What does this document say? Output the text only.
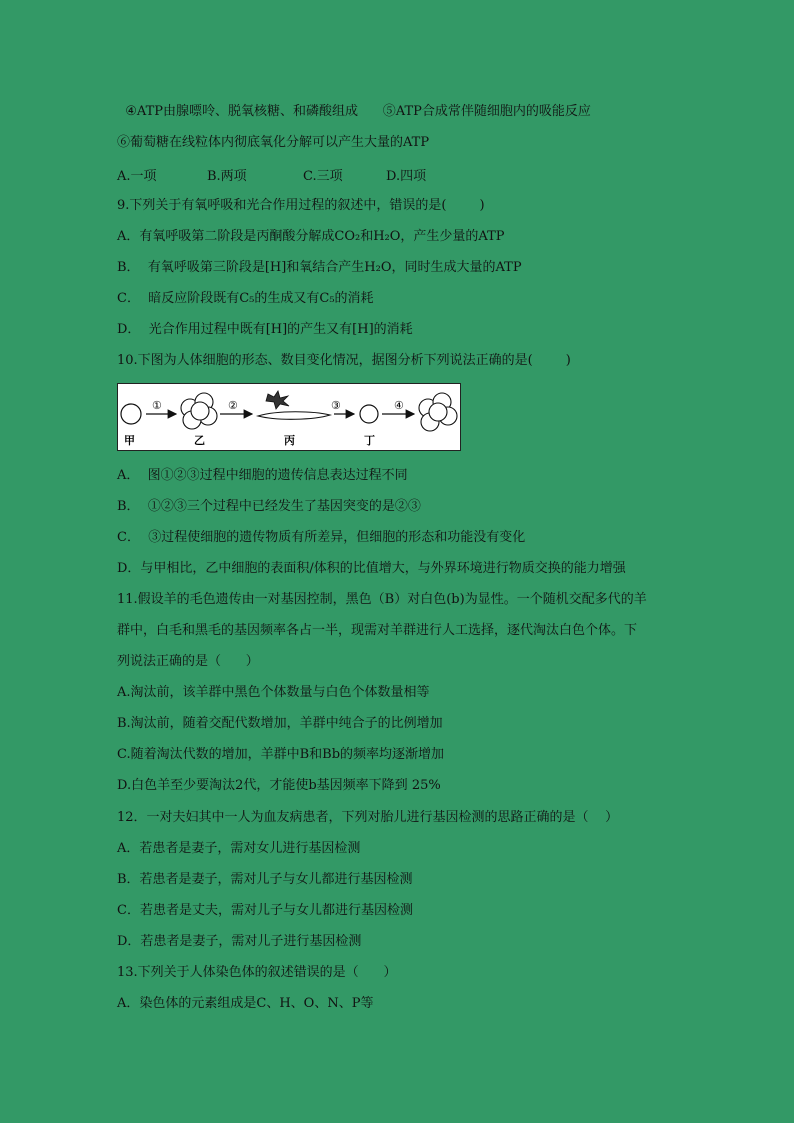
④ATP由腺嘌呤、脱氧核糖、和磷酸组成      ⑤ATP合成常伴随细胞内的吸能反应
⑥葡萄糖在线粒体内彻底氧化分解可以产生大量的ATP
9.下列关于有氧呼吸和光合作用过程的叙述中，错误的是(        )
A．有氧呼吸第二阶段是丙酮酸分解成CO₂和H₂O，产生少量的ATP
B．  有氧呼吸第三阶段是[H]和氧结合产生H₂O，同时生成大量的ATP
C．  暗反应阶段既有C₅的生成又有C₅的消耗
D．  光合作用过程中既有[H]的产生又有[H]的消耗
10.下图为人体细胞的形态、数目变化情况，据图分析下列说法正确的是(        )
A．  图①②③过程中细胞的遗传信息表达过程不同
B．  ①②③三个过程中已经发生了基因突变的是②③
C．  ③过程使细胞的遗传物质有所差异，但细胞的形态和功能没有变化
D．与甲相比，乙中细胞的表面积/体积的比值增大，与外界环境进行物质交换的能力增强
11.假设羊的毛色遗传由一对基因控制，黑色（B）对白色(b)为显性。一个随机交配多代的羊
群中，白毛和黑毛的基因频率各占一半，现需对羊群进行人工选择，逐代淘汰白色个体。下
列说法正确的是（      ）
A.淘汰前，该羊群中黑色个体数量与白色个体数量相等
B.淘汰前，随着交配代数增加，羊群中纯合子的比例增加
C.随着淘汰代数的增加，羊群中B和Bb的频率均逐渐增加
D.白色羊至少要淘汰2代，才能使b基因频率下降到 25%
12．一对夫妇其中一人为血友病患者，下列对胎儿进行基因检测的思路正确的是（    ）
A．若患者是妻子，需对女儿进行基因检测
B．若患者是妻子，需对儿子与女儿都进行基因检测
C．若患者是丈夫，需对儿子与女儿都进行基因检测
D．若患者是妻子，需对儿子进行基因检测
13.下列关于人体染色体的叙述错误的是（      ）
A．染色体的元素组成是C、H、O、N、P等
A.一项	B.两项	C.三项	D.四项
①	②	③	④
甲	乙	丙	丁
